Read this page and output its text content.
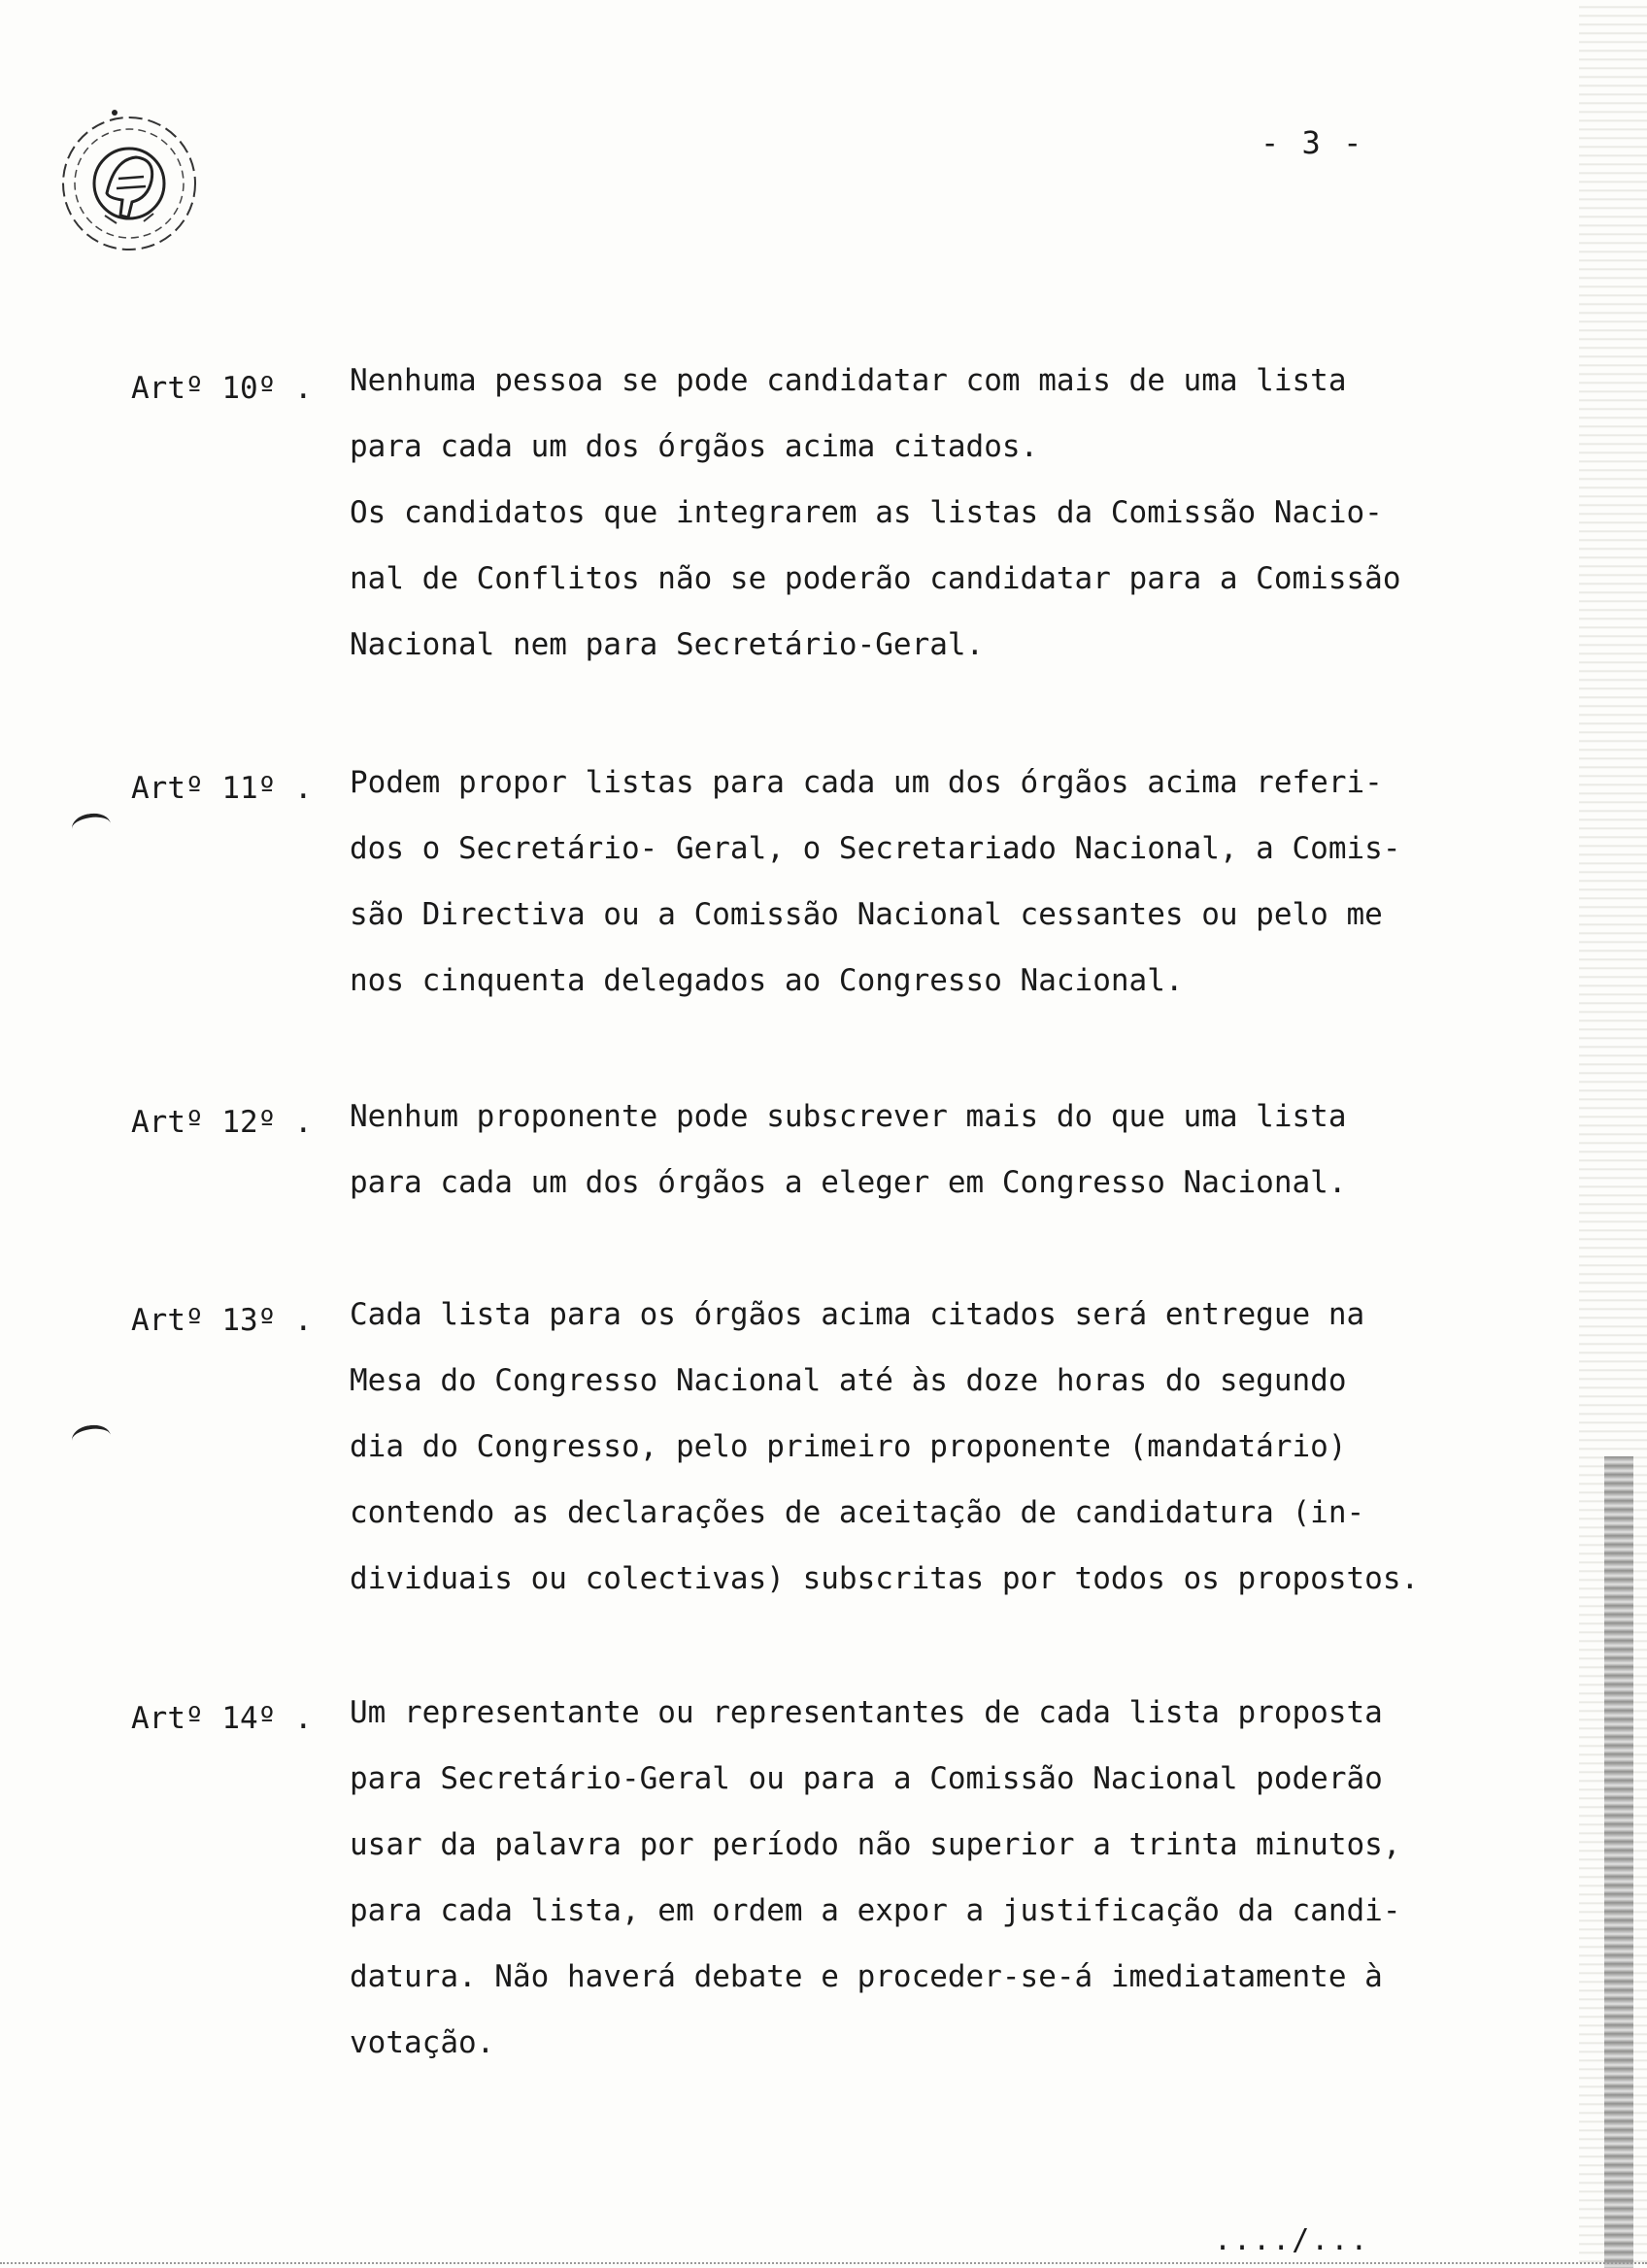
- 3 -
Artº 10º . Nenhuma pessoa se pode candidatar com mais de uma lista
para cada um dos órgãos acima citados.
Os candidatos que integrarem as listas da Comissão Nacio-
nal de Conflitos não se poderão candidatar para a Comissão
Nacional nem para Secretário-Geral.
Artº 11º . Podem propor listas para cada um dos órgãos acima referi-
dos o Secretário- Geral, o Secretariado Nacional, a Comis-
são Directiva ou a Comissão Nacional cessantes ou pelo me
nos cinquenta delegados ao Congresso Nacional.
Artº 12º . Nenhum proponente pode subscrever mais do que uma lista
para cada um dos órgãos a eleger em Congresso Nacional.
Artº 13º . Cada lista para os órgãos acima citados será entregue na
Mesa do Congresso Nacional até às doze horas do segundo
dia do Congresso, pelo primeiro proponente (mandatário)
contendo as declarações de aceitação de candidatura (in-
dividuais ou colectivas) subscritas por todos os propostos.
Artº 14º . Um representante ou representantes de cada lista proposta
para Secretário-Geral ou para a Comissão Nacional poderão
usar da palavra por período não superior a trinta minutos,
para cada lista, em ordem a expor a justificação da candi-
datura. Não haverá debate e proceder-se-á imediatamente à
votação.
..../...
